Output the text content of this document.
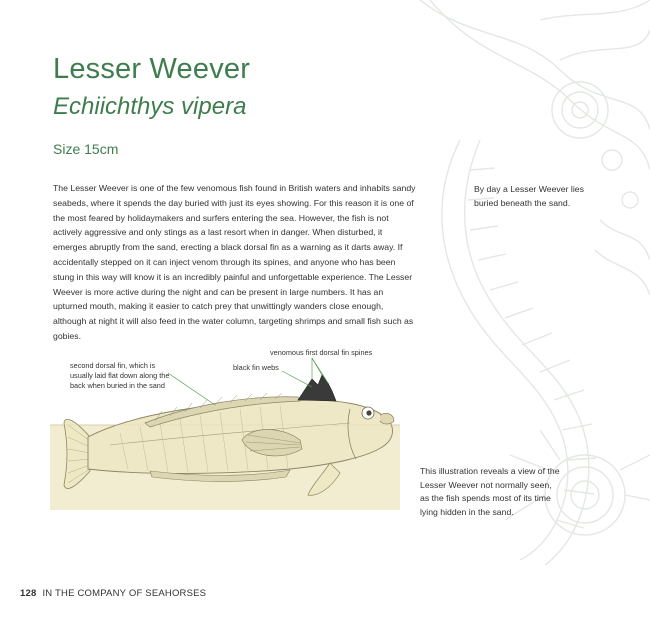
Lesser Weever
Echiichthys vipera
Size 15cm
The Lesser Weever is one of the few venomous fish found in British waters and inhabits sandy seabeds, where it spends the day buried with just its eyes showing. For this reason it is one of the most feared by holidaymakers and surfers entering the sea. However, the fish is not actively aggressive and only stings as a last resort when in danger. When disturbed, it emerges abruptly from the sand, erecting a black dorsal fin as a warning as it darts away. If accidentally stepped on it can inject venom through its spines, and anyone who has been stung in this way will know it is an incredibly painful and unforgettable experience. The Lesser Weever is more active during the night and can be present in large numbers. It has an upturned mouth, making it easier to catch prey that unwittingly wanders close enough, although at night it will also feed in the water column, targeting shrimps and small fish such as gobies.
By day a Lesser Weever lies buried beneath the sand.
second dorsal fin, which is
usually laid flat down along the
back when buried in the sand
black fin webs
venomous first dorsal fin spines
This illustration reveals a view of the Lesser Weever not normally seen, as the fish spends most of its time lying hidden in the sand.
128 IN THE COMPANY OF SEAHORSES
